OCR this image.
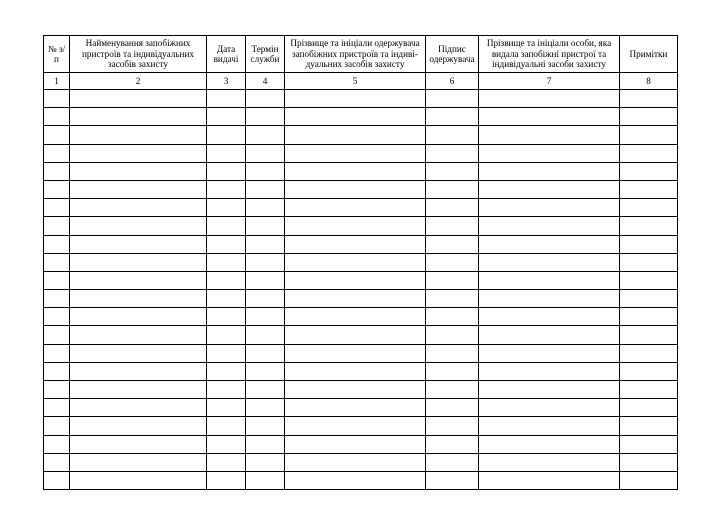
№ з/п	Найменування запобіжних пристроїв та індивідуальних засобів захисту	Дата видачі	Термін служби	Прізвище та ініціали одержувача запобіжних пристроїв та індивідуальних засобів захисту	Підпис одержувача	Прізвище та ініціали особи, яка видала запобіжні пристрої та індивідуальні засоби захисту	Примітки
1	2	3	4	5	6	7	8
